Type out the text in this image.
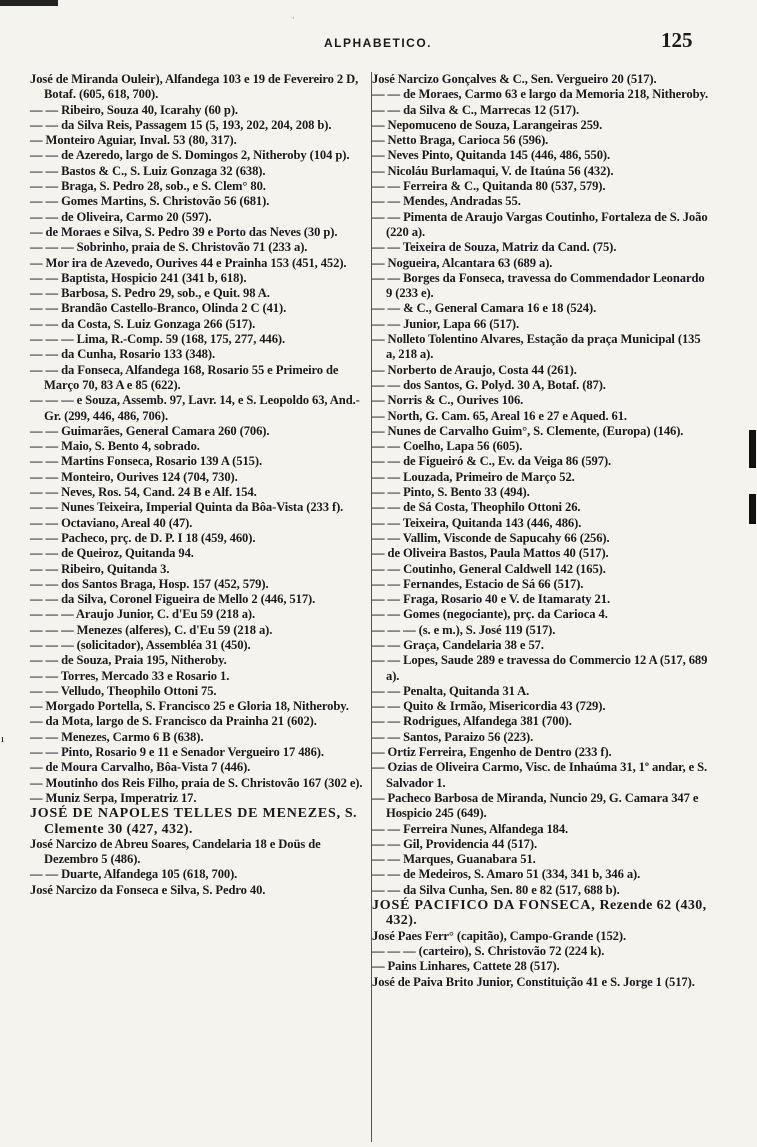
·
ALPHABETICO.	125
ı

José de Miranda Ouleir), Alfandega 103 e 19 de Fevereiro 2 D, Botaf. (605, 618, 700).

— — Ribeiro, Souza 40, Icarahy (60 p).

— — da Silva Reis, Passagem 15 (5, 193, 202, 204, 208 b).

— Monteiro Aguiar, Inval. 53 (80, 317).

— — de Azeredo, largo de S. Domingos 2, Nitheroby (104 p).

— — Bastos & C., S. Luiz Gonzaga 32 (638).

— — Braga, S. Pedro 28, sob., e S. Clem° 80.

— — Gomes Martins, S. Christovão 56 (681).

— — de Oliveira, Carmo 20 (597).

— de Moraes e Silva, S. Pedro 39 e Porto das Neves (30 p).

— — — Sobrinho, praia de S. Christovão 71 (233 a).

— Mor ira de Azevedo, Ourives 44 e Prainha 153 (451, 452).

— — Baptista, Hospicio 241 (341 b, 618).

— — Barbosa, S. Pedro 29, sob., e Quit. 98 A.

— — Brandão Castello-Branco, Olinda 2 C (41).

— — da Costa, S. Luiz Gonzaga 266 (517).

— — — Lima, R.-Comp. 59 (168, 175, 277, 446).

— — da Cunha, Rosario 133 (348).

— — da Fonseca, Alfandega 168, Rosario 55 e Primeiro de Março 70, 83 A e 85 (622).

— — — e Souza, Assemb. 97, Lavr. 14, e S. Leopoldo 63, And.-Gr. (299, 446, 486, 706).

— — Guimarães, General Camara 260 (706).

— — Maio, S. Bento 4, sobrado.

— — Martins Fonseca, Rosario 139 A (515).

— — Monteiro, Ourives 124 (704, 730).

— — Neves, Ros. 54, Cand. 24 B e Alf. 154.

— — Nunes Teixeira, Imperial Quinta da Bôa-Vista (233 f).

— — Octaviano, Areal 40 (47).

— — Pacheco, prç. de D. P. I 18 (459, 460).

— — de Queiroz, Quitanda 94.

— — Ribeiro, Quitanda 3.

— — dos Santos Braga, Hosp. 157 (452, 579).

— — da Silva, Coronel Figueira de Mello 2 (446, 517).

— — — Araujo Junior, C. d'Eu 59 (218 a).

— — — Menezes (alferes), C. d'Eu 59 (218 a).

— — — (solicitador), Assembléa 31 (450).

— — de Souza, Praia 195, Nitheroby.

— — Torres, Mercado 33 e Rosario 1.

— — Velludo, Theophilo Ottoni 75.

— Morgado Portella, S. Francisco 25 e Gloria 18, Nitheroby.

— da Mota, largo de S. Francisco da Prainha 21 (602).

— — Menezes, Carmo 6 B (638).

— — Pinto, Rosario 9 e 11 e Senador Vergueiro 17 486).

— de Moura Carvalho, Bôa-Vista 7 (446).

— Moutinho dos Reis Filho, praia de S. Christovão 167 (302 e).

— Muniz Serpa, Imperatriz 17.

JOSÉ DE NAPOLES TELLES DE MENEZES, S. Clemente 30 (427, 432).

José Narcizo de Abreu Soares, Candelaria 18 e Doüs de Dezembro 5 (486).

— — Duarte, Alfandega 105 (618, 700).

José Narcizo da Fonseca e Silva, S. Pedro 40.

José Narcizo Gonçalves & C., Sen. Vergueiro 20 (517).

— — de Moraes, Carmo 63 e largo da Memoria 218, Nitheroby.

— — da Silva & C., Marrecas 12 (517).

— Nepomuceno de Souza, Larangeiras 259.

— Netto Braga, Carioca 56 (596).

— Neves Pinto, Quitanda 145 (446, 486, 550).

— Nicoláu Burlamaqui, V. de Itaúna 56 (432).

— — Ferreira & C., Quitanda 80 (537, 579).

— — Mendes, Andradas 55.

— — Pimenta de Araujo Vargas Coutinho, Fortaleza de S. João (220 a).

— — Teixeira de Souza, Matriz da Cand. (75).

— Nogueira, Alcantara 63 (689 a).

— — Borges da Fonseca, travessa do Commendador Leonardo 9 (233 e).

— — & C., General Camara 16 e 18 (524).

— — Junior, Lapa 66 (517).

— Nolleto Tolentino Alvares, Estação da praça Municipal (135 a, 218 a).

— Norberto de Araujo, Costa 44 (261).

— — dos Santos, G. Polyd. 30 A, Botaf. (87).

— Norris & C., Ourives 106.

— North, G. Cam. 65, Areal 16 e 27 e Aqued. 61.

— Nunes de Carvalho Guim°, S. Clemente, (Europa) (146).

— — Coelho, Lapa 56 (605).

— — de Figueiró & C., Ev. da Veiga 86 (597).

— — Louzada, Primeiro de Março 52.

— — Pinto, S. Bento 33 (494).

— — de Sá Costa, Theophilo Ottoni 26.

— — Teixeira, Quitanda 143 (446, 486).

— — Vallim, Visconde de Sapucahy 66 (256).

— de Oliveira Bastos, Paula Mattos 40 (517).

— — Coutinho, General Caldwell 142 (165).

— — Fernandes, Estacio de Sá 66 (517).

— — Fraga, Rosario 40 e V. de Itamaraty 21.

— — Gomes (negociante), prç. da Carioca 4.

— — — (s. e m.), S. José 119 (517).

— — Graça, Candelaria 38 e 57.

— — Lopes, Saude 289 e travessa do Commercio 12 A (517, 689 a).

— — Penalta, Quitanda 31 A.

— — Quito & Irmão, Misericordia 43 (729).

— — Rodrigues, Alfandega 381 (700).

— — Santos, Paraizo 56 (223).

— Ortiz Ferreira, Engenho de Dentro (233 f).

— Ozias de Oliveira Carmo, Visc. de Inhaúma 31, 1º andar, e S. Salvador 1.

— Pacheco Barbosa de Miranda, Nuncio 29, G. Camara 347 e Hospicio 245 (649).

— — Ferreira Nunes, Alfandega 184.

— — Gil, Providencia 44 (517).

— — Marques, Guanabara 51.

— — de Medeiros, S. Amaro 51 (334, 341 b, 346 a).

— — da Silva Cunha, Sen. 80 e 82 (517, 688 b).

JOSÉ PACIFICO DA FONSECA, Rezende 62 (430, 432).

José Paes Ferr° (capitão), Campo-Grande (152).

— — — (carteiro), S. Christovão 72 (224 k).

— Pains Linhares, Cattete 28 (517).

José de Paiva Brito Junior, Constituição 41 e S. Jorge 1 (517).
